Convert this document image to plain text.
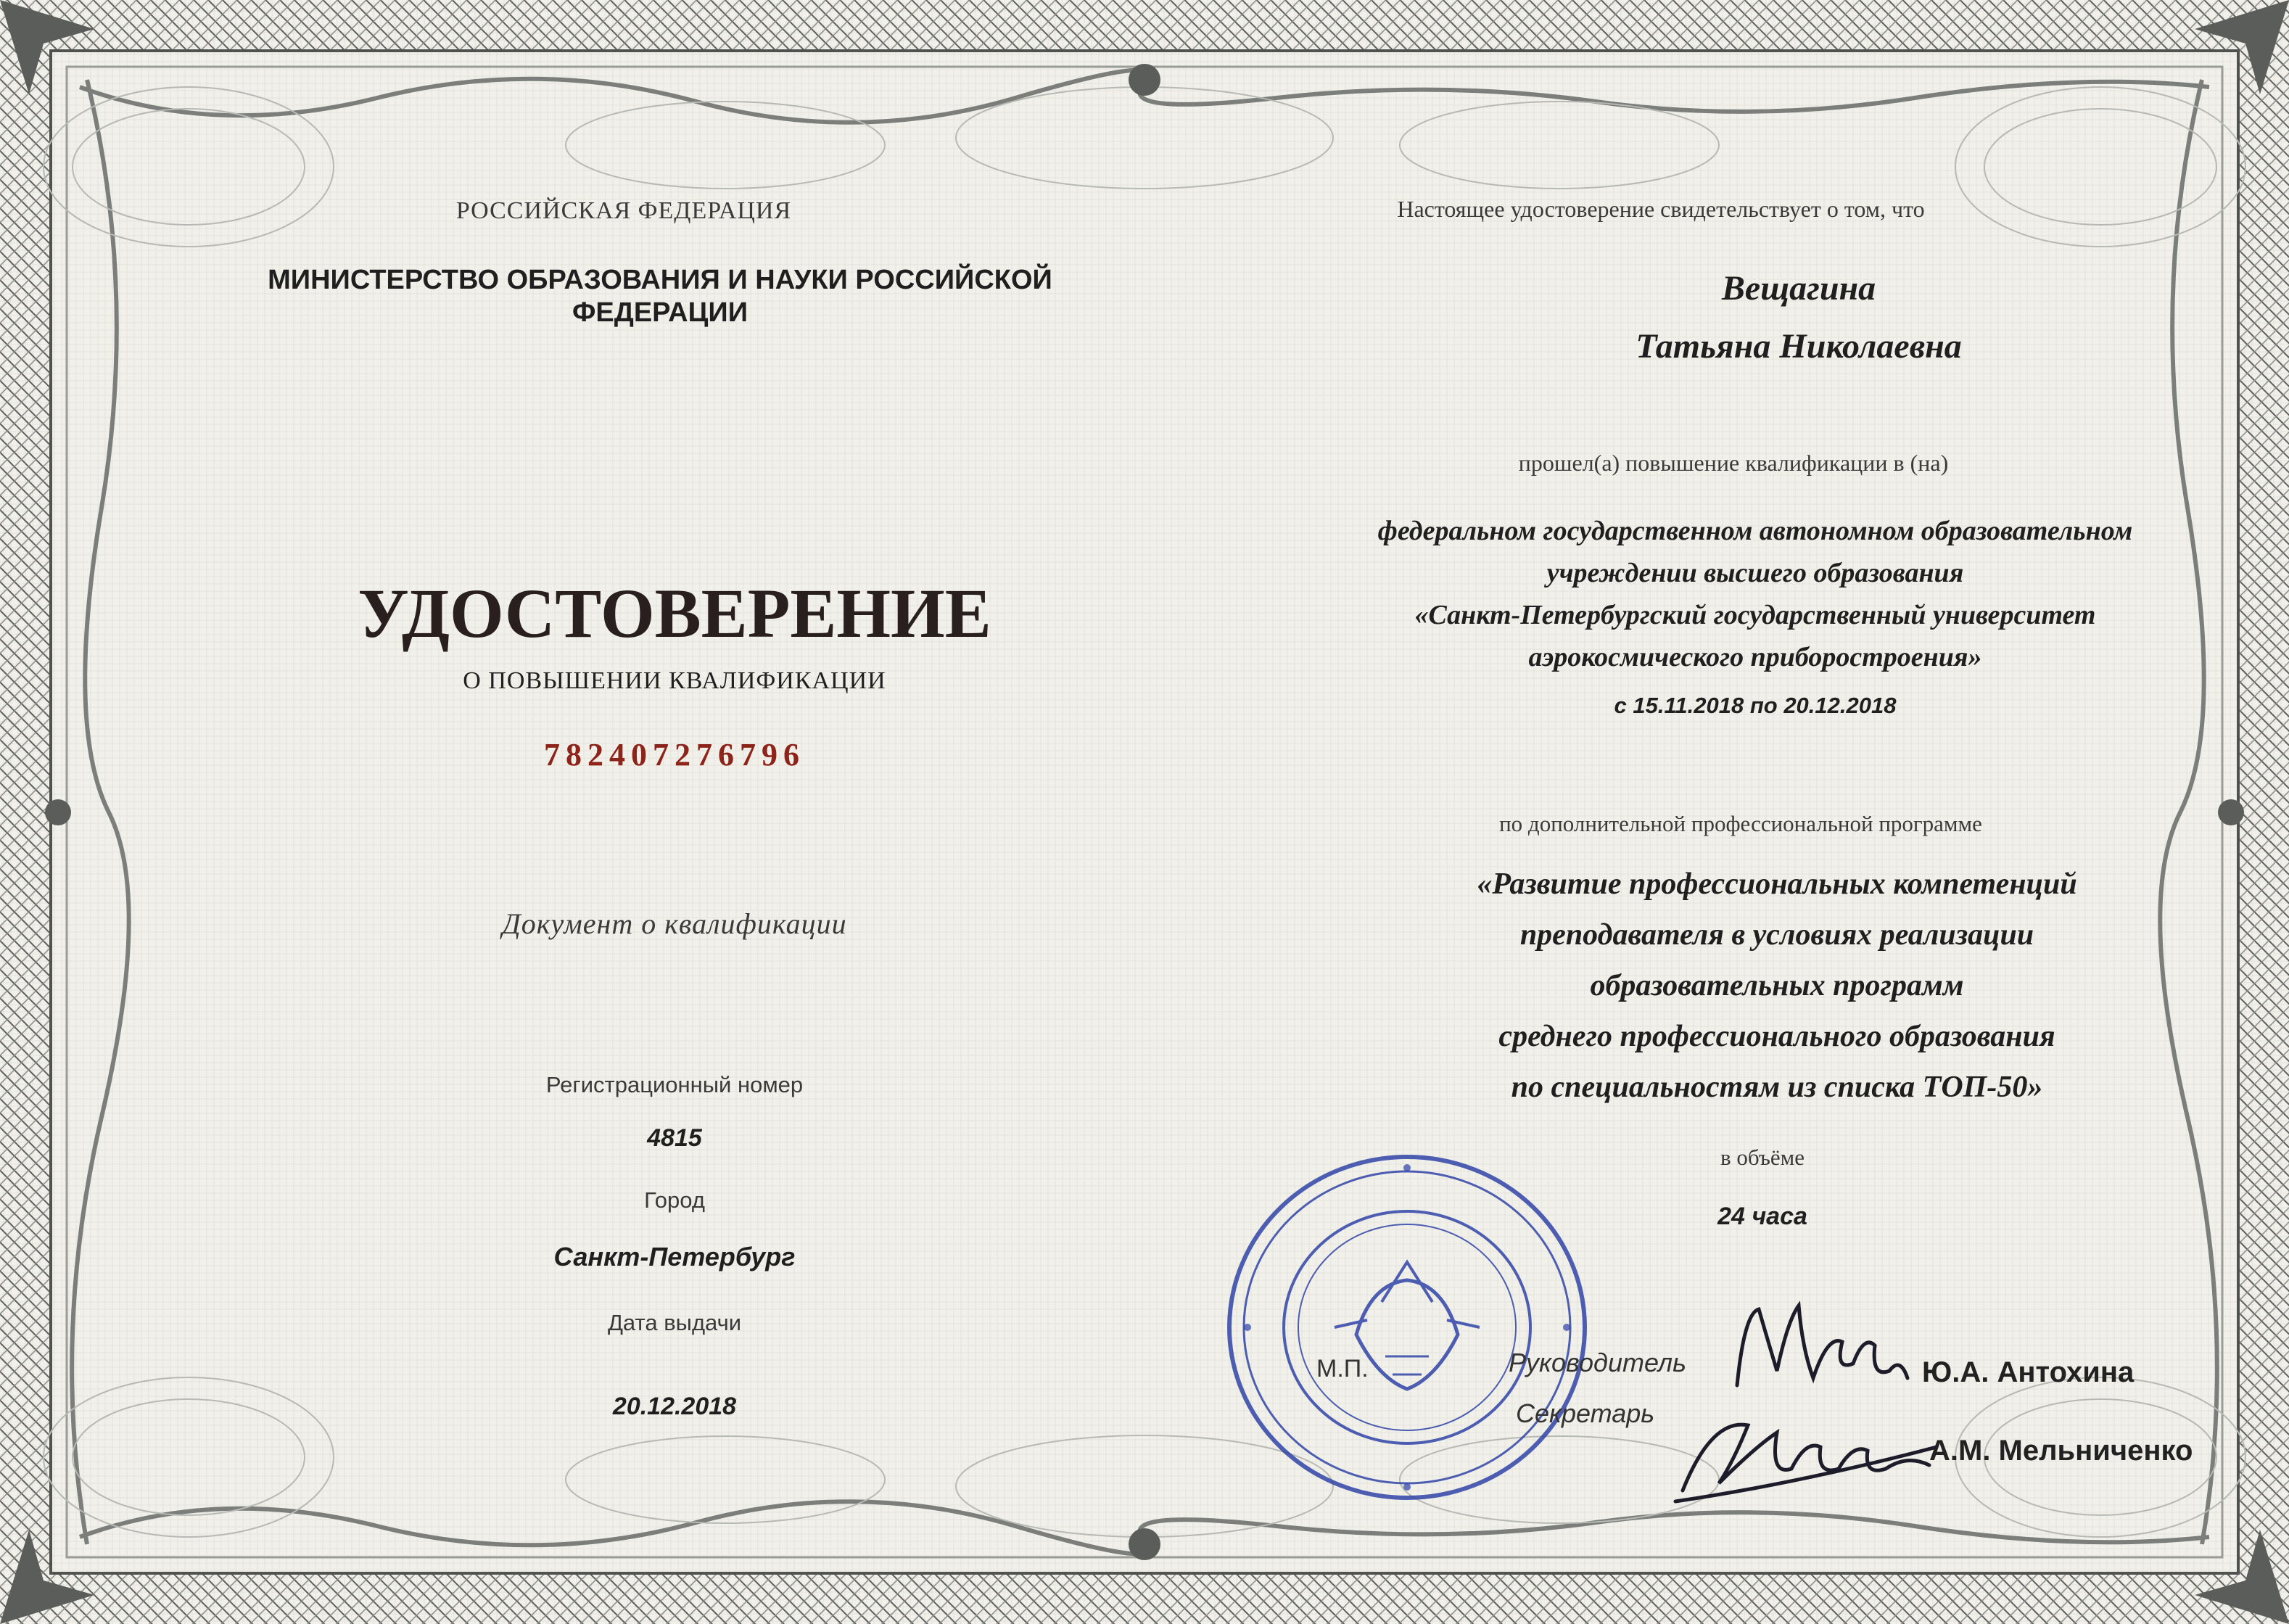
РОССИЙСКАЯ ФЕДЕРАЦИЯ
МИНИСТЕРСТВО ОБРАЗОВАНИЯ И НАУКИ РОССИЙСКОЙ
ФЕДЕРАЦИИ
УДОСТОВЕРЕНИЕ
О ПОВЫШЕНИИ КВАЛИФИКАЦИИ
782407276796
Документ о квалификации
Регистрационный номер
4815
Город
Санкт-Петербург
Дата выдачи
20.12.2018
Настоящее удостоверение свидетельствует о том, что
Вещагина
Татьяна Николаевна
прошел(а) повышение квалификации в (на)
федеральном государственном автономном образовательном
учреждении высшего образования
«Санкт-Петербургский государственный университет
аэрокосмического приборостроения»
с 15.11.2018 по 20.12.2018
по дополнительной профессиональной программе
«Развитие профессиональных компетенций
преподавателя в условиях реализации
образовательных программ
среднего профессионального образования
по специальностям из списка ТОП-50»
в объёме
24 часа
М.П.	Руководитель	Ю.А. Антохина
Секретарь
А.М. Мельниченко
